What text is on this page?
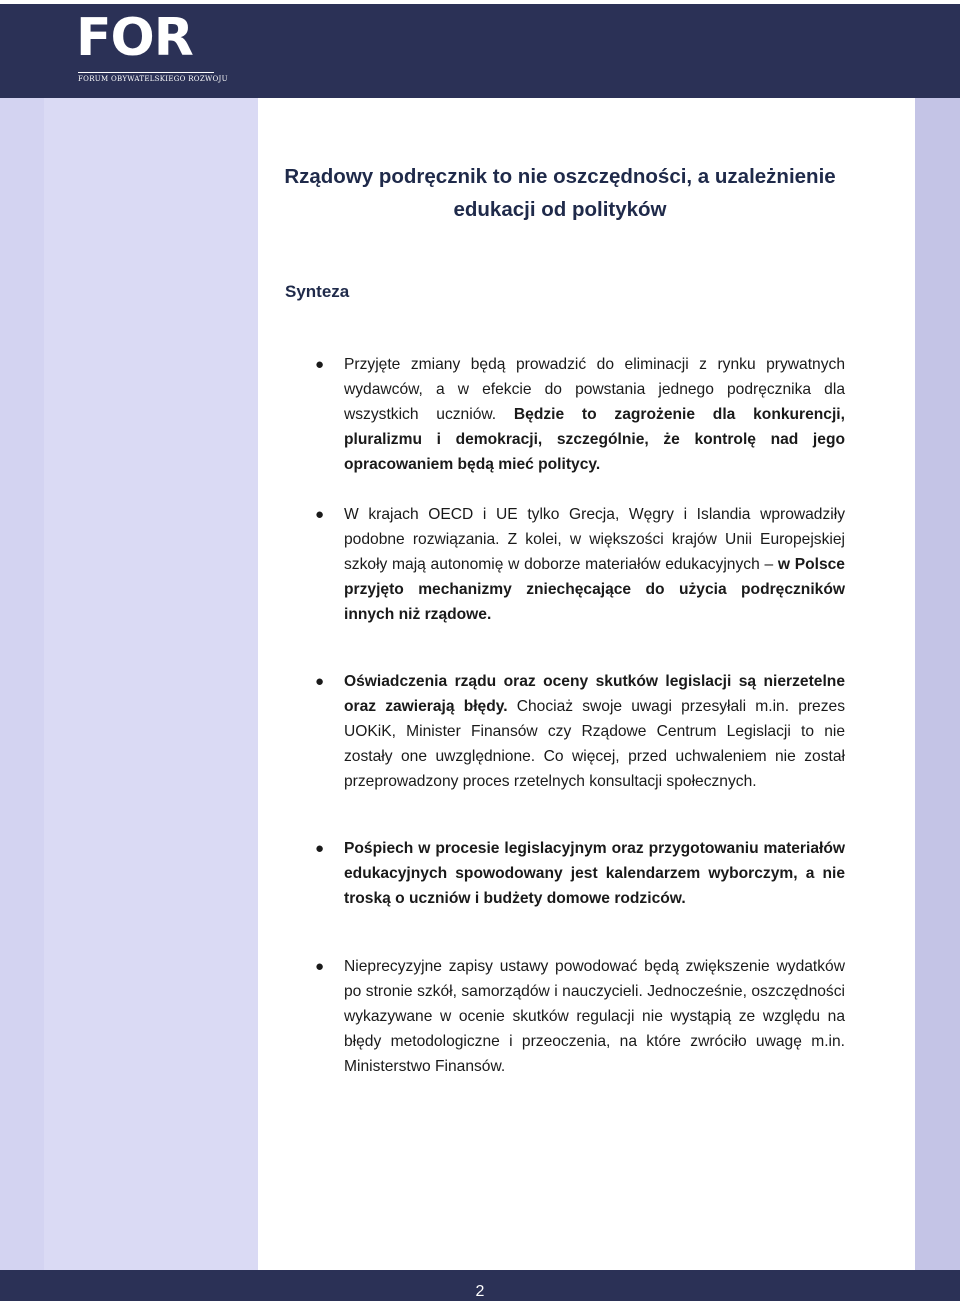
FOR
FORUM OBYWATELSKIEGO ROZWOJU
Rządowy podręcznik to nie oszczędności, a uzależnienie edukacji od polityków
Synteza
● Przyjęte zmiany będą prowadzić do eliminacji z rynku prywatnych wydawców, a w efekcie do powstania jednego podręcznika dla wszystkich uczniów. Będzie to zagrożenie dla konkurencji, pluralizmu i demokracji, szczególnie, że kontrolę nad jego opracowaniem będą mieć politycy.
● W krajach OECD i UE tylko Grecja, Węgry i Islandia wprowadziły podobne rozwiązania. Z kolei, w większości krajów Unii Europejskiej szkoły mają autonomię w doborze materiałów edukacyjnych – w Polsce przyjęto mechanizmy zniechęcające do użycia podręczników innych niż rządowe.
● Oświadczenia rządu oraz oceny skutków legislacji są nierzetelne oraz zawierają błędy. Chociaż swoje uwagi przesyłali m.in. prezes UOKiK, Minister Finansów czy Rządowe Centrum Legislacji to nie zostały one uwzględnione. Co więcej, przed uchwaleniem nie został przeprowadzony proces rzetelnych konsultacji społecznych.
● Pośpiech w procesie legislacyjnym oraz przygotowaniu materiałów edukacyjnych spowodowany jest kalendarzem wyborczym, a nie troską o uczniów i budżety domowe rodziców.
● Nieprecyzyjne zapisy ustawy powodować będą zwiększenie wydatków po stronie szkół, samorządów i nauczycieli. Jednocześnie, oszczędności wykazywane w ocenie skutków regulacji nie wystąpią ze względu na błędy metodologiczne i przeoczenia, na które zwróciło uwagę m.in. Ministerstwo Finansów.
2
